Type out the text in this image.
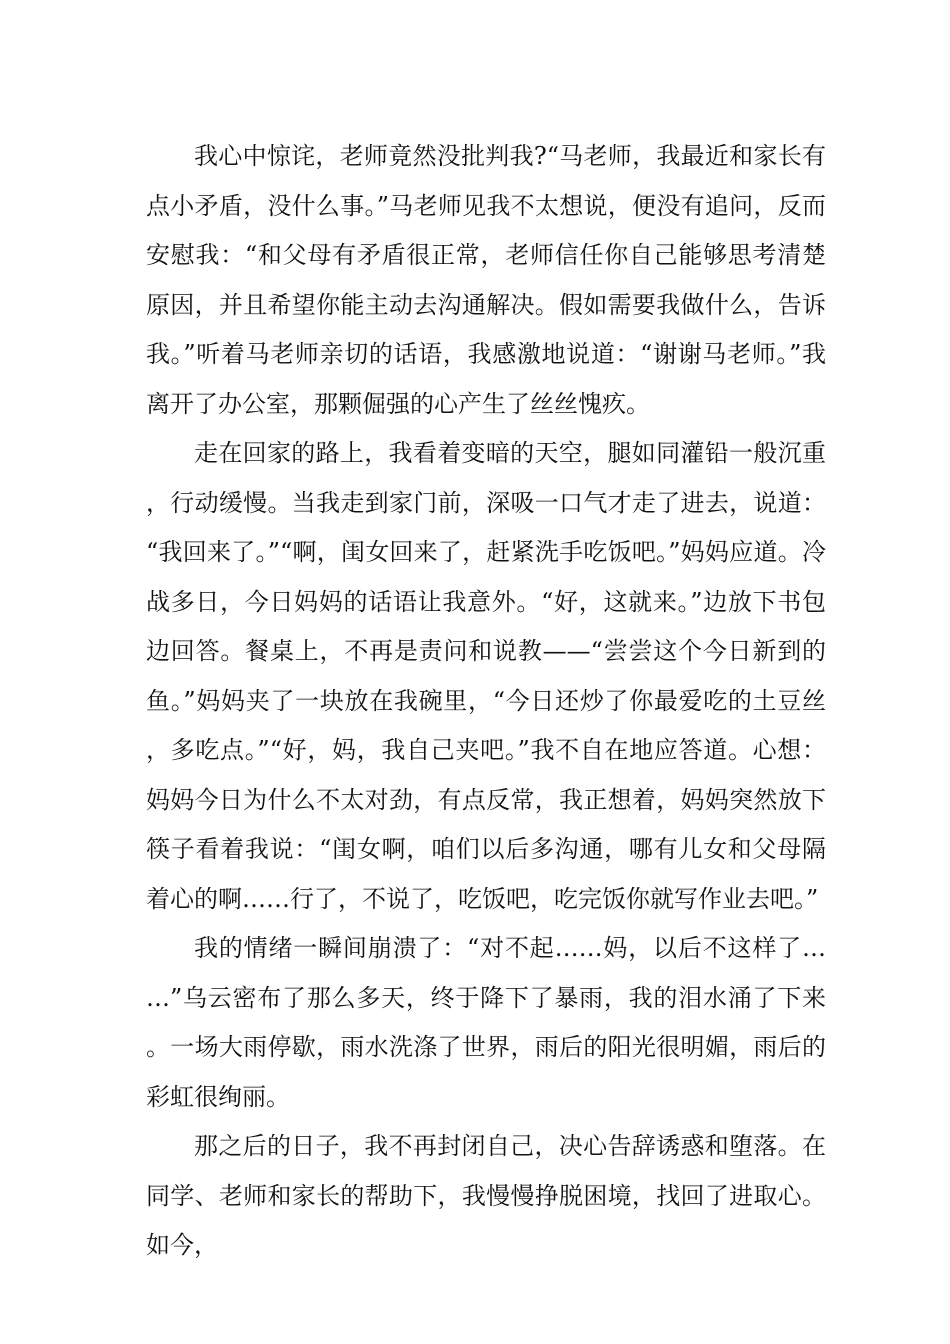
我心中惊诧，老师竟然没批判我?“马老师，我最近和家长有点小矛盾，没什么事。”马老师见我不太想说，便没有追问，反而安慰我：“和父母有矛盾很正常，老师信任你自己能够思考清楚原因，并且希望你能主动去沟通解决。假如需要我做什么，告诉我。”听着马老师亲切的话语，我感激地说道：“谢谢马老师。”我离开了办公室，那颗倔强的心产生了丝丝愧疚。

走在回家的路上，我看着变暗的天空，腿如同灌铅一般沉重，行动缓慢。当我走到家门前，深吸一口气才走了进去，说道：“我回来了。”“啊，闺女回来了，赶紧洗手吃饭吧。”妈妈应道。冷战多日，今日妈妈的话语让我意外。“好，这就来。”边放下书包边回答。餐桌上，不再是责问和说教——“尝尝这个今日新到的鱼。”妈妈夹了一块放在我碗里，“今日还炒了你最爱吃的土豆丝，多吃点。”“好，妈，我自己夹吧。”我不自在地应答道。心想：妈妈今日为什么不太对劲，有点反常，我正想着，妈妈突然放下筷子看着我说：“闺女啊，咱们以后多沟通，哪有儿女和父母隔着心的啊……行了，不说了，吃饭吧，吃完饭你就写作业去吧。”

我的情绪一瞬间崩溃了：“对不起……妈，以后不这样了……”乌云密布了那么多天，终于降下了暴雨，我的泪水涌了下来。一场大雨停歇，雨水洗涤了世界，雨后的阳光很明媚，雨后的彩虹很绚丽。

那之后的日子，我不再封闭自己，决心告辞诱惑和堕落。在同学、老师和家长的帮助下，我慢慢挣脱困境，找回了进取心。如今，
